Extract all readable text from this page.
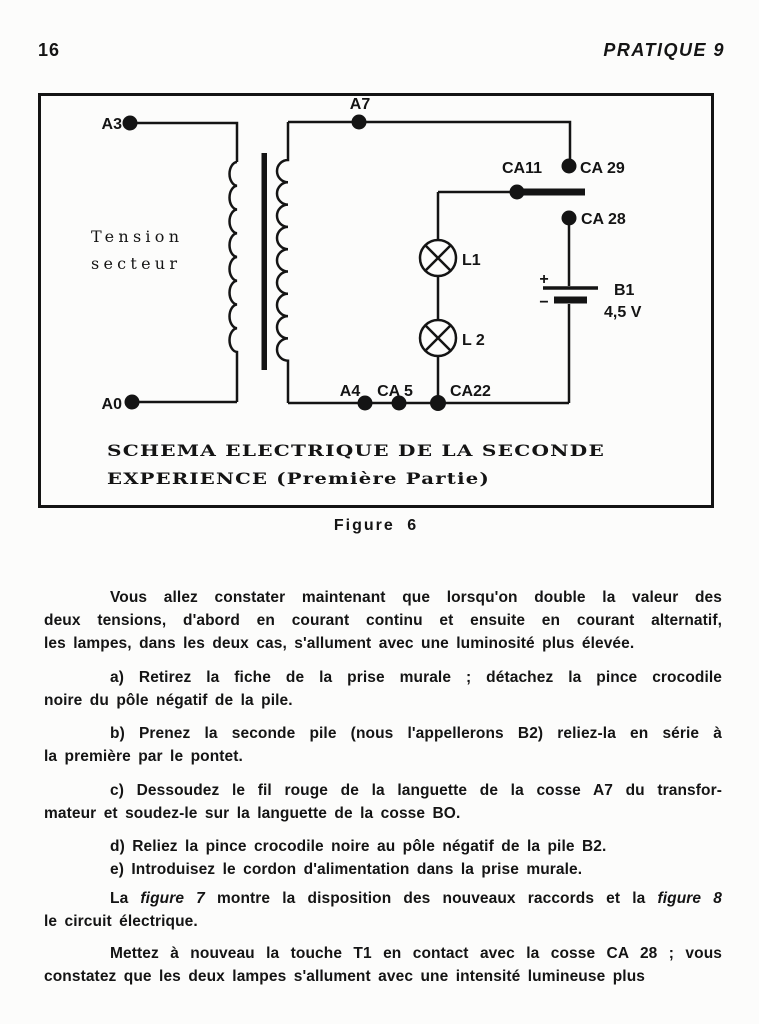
16	PRATIQUE 9
A3
A0
Tension
secteur
A7
CA 29
CA11
CA 28
+
−
B1
4,5 V
L1
L 2
A4 CA 5 CA22
SCHEMA ELECTRIQUE DE LA SECONDE
EXPERIENCE (Première Partie)
Figure 6
Vous allez constater maintenant que lorsqu'on double la valeur des
deux tensions, d'abord en courant continu et ensuite en courant alternatif,
les lampes, dans les deux cas, s'allument avec une luminosité plus élevée.
a) Retirez la fiche de la prise murale ; détachez la pince crocodile
noire du pôle négatif de la pile.
b) Prenez la seconde pile (nous l'appellerons B2) reliez-la en série à
la première par le pontet.
c) Dessoudez le fil rouge de la languette de la cosse A7 du transfor-
mateur et soudez-le sur la languette de la cosse BO.
d) Reliez la pince crocodile noire au pôle négatif de la pile B2.
e) Introduisez le cordon d'alimentation dans la prise murale.
La figure 7 montre la disposition des nouveaux raccords et la figure 8
le circuit électrique.
Mettez à nouveau la touche T1 en contact avec la cosse CA 28 ; vous
constatez que les deux lampes s'allument avec une intensité lumineuse plus
